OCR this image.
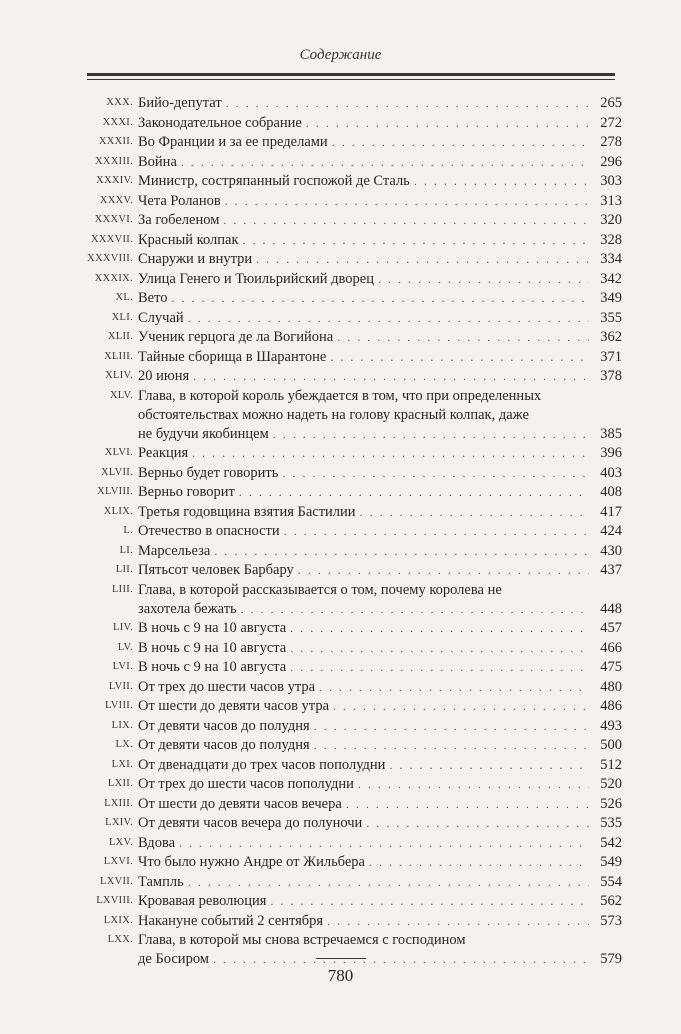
Содержание
XXX. Бийо-депутат . . .	265
XXXI. Законодательное собрание . . .	272
XXXII. Во Франции и за ее пределами . . .	278
XXXIII. Война . . .	296
XXXIV. Министр, состряпанный госпожой де Сталь . . .	303
XXXV. Чета Роланов . . .	313
XXXVI. За гобеленом . . .	320
XXXVII. Красный колпак . . .	328
XXXVIII. Снаружи и внутри . . .	334
XXXIX. Улица Генего и Тюильрийский дворец . . .	342
XL. Вето . . .	349
XLI. Случай . . .	355
XLII. Ученик герцога де ла Вогийона . . .	362
XLIII. Тайные сборища в Шарантоне . . .	371
XLIV. 20 июня . . .	378
XLV. Глава, в которой король убеждается в том, что при определенных
обстоятельствах можно надеть на голову красный колпак, даже
не будучи якобинцем . . .	385
XLVI. Реакция . . .	396
XLVII. Верньо будет говорить . . .	403
XLVIII. Верньо говорит . . .	408
XLIX. Третья годовщина взятия Бастилии . . .	417
L. Отечество в опасности . . .	424
LI. Марсельеза . . .	430
LII. Пятьсот человек Барбару . . .	437
LIII. Глава, в которой рассказывается о том, почему королева не
захотела бежать . . .	448
LIV. В ночь с 9 на 10 августа . . .	457
LV. В ночь с 9 на 10 августа . . .	466
LVI. В ночь с 9 на 10 августа . . .	475
LVII. От трех до шести часов утра . . .	480
LVIII. От шести до девяти часов утра . . .	486
LIX. От девяти часов до полудня . . .	493
LX. От девяти часов до полудня . . .	500
LXI. От двенадцати до трех часов пополудни . . .	512
LXII. От трех до шести часов пополудни . . .	520
LXIII. От шести до девяти часов вечера . . .	526
LXIV. От девяти часов вечера до полуночи . . .	535
LXV. Вдова . . .	542
LXVI. Что было нужно Андре от Жильбера . . .	549
LXVII. Тампль . . .	554
LXVIII. Кровавая революция . . .	562
LXIX. Накануне событий 2 сентября . . .	573
LXX. Глава, в которой мы снова встречаемся с господином
де Босиром . . .	579
780
